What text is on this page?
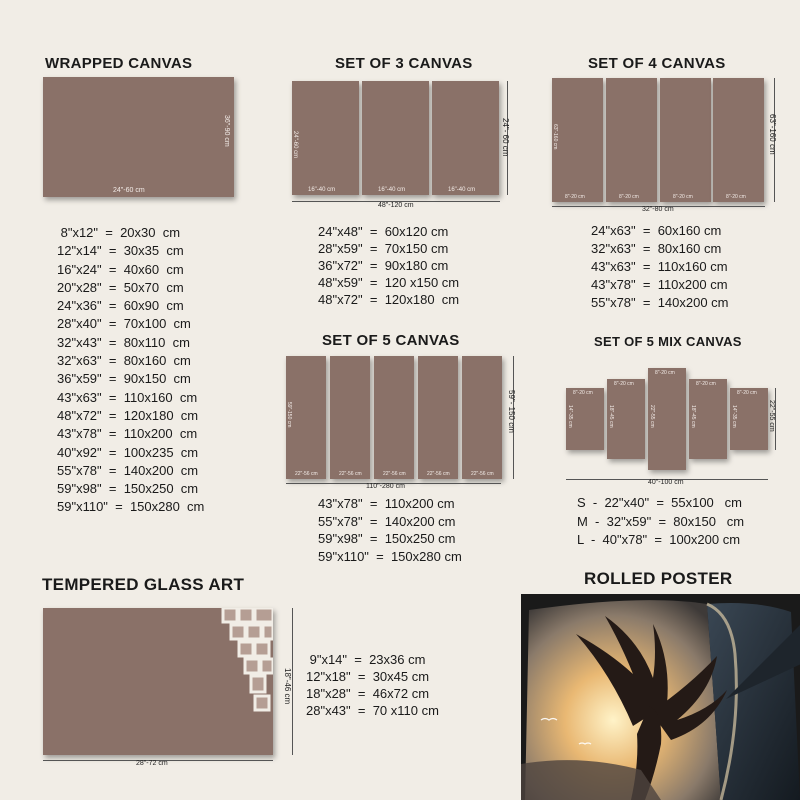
WRAPPED CANVAS
24"-60 cm
36"-90 cm
8"x12"  =  20x30  cm
12"x14"  =  30x35  cm
16"x24"  =  40x60  cm
20"x28"  =  50x70  cm
24"x36"  =  60x90  cm
28"x40"  =  70x100  cm
32"x43"  =  80x110  cm
32"x63"  =  80x160  cm
36"x59"  =  90x150  cm
43"x63"  =  110x160  cm
48"x72"  =  120x180  cm
43"x78"  =  110x200  cm
40"x92"  =  100x235  cm
55"x78"  =  140x200  cm
59"x98"  =  150x250  cm
59"x110"  =  150x280  cm
SET OF 3 CANVAS
16"-40 cm
24"-60 cm
16"-40 cm	16"-40 cm
48"-120 cm
24"- 60 cm
24"x48"  =  60x120 cm
28"x59"  =  70x150 cm
36"x72"  =  90x180 cm
48"x59"  =  120 x150 cm
48"x72"  =  120x180  cm
SET OF 4 CANVAS
8"-20 cm
63"-160 cm
8"-20 cm	8"-20 cm	8"-20 cm
32"-80 cm
63"-160 cm
24"x63"  =  60x160 cm
32"x63"  =  80x160 cm
43"x63"  =  110x160 cm
43"x78"  =  110x200 cm
55"x78"  =  140x200 cm
SET OF 5 CANVAS
22"-56 cm
59"-150 cm
22"-56 cm	22"-56 cm	22"-56 cm	22"-56 cm
110"-280 cm
59"- 150 cm
43"x78"  =  110x200 cm
55"x78"  =  140x200 cm
59"x98"  =  150x250 cm
59"x110"  =  150x280 cm
SET OF 5 MIX CANVAS
8"-20 cm
14"-35 cm
8"-20 cm
18"-45 cm
8"-20 cm
22"-55 cm
8"-20 cm
18"-45 cm
8"-20 cm
14"-35 cm
40"-100 cm
22"-55 cm
S  -  22"x40"  =  55x100   cm
M  -  32"x59"  =  80x150   cm
L  -  40"x78"  =  100x200 cm
TEMPERED GLASS ART
28"-72 cm
18"-46 cm
9"x14"  =  23x36 cm
12"x18"  =  30x45 cm
18"x28"  =  46x72 cm
28"x43"  =  70 x110 cm
ROLLED POSTER
